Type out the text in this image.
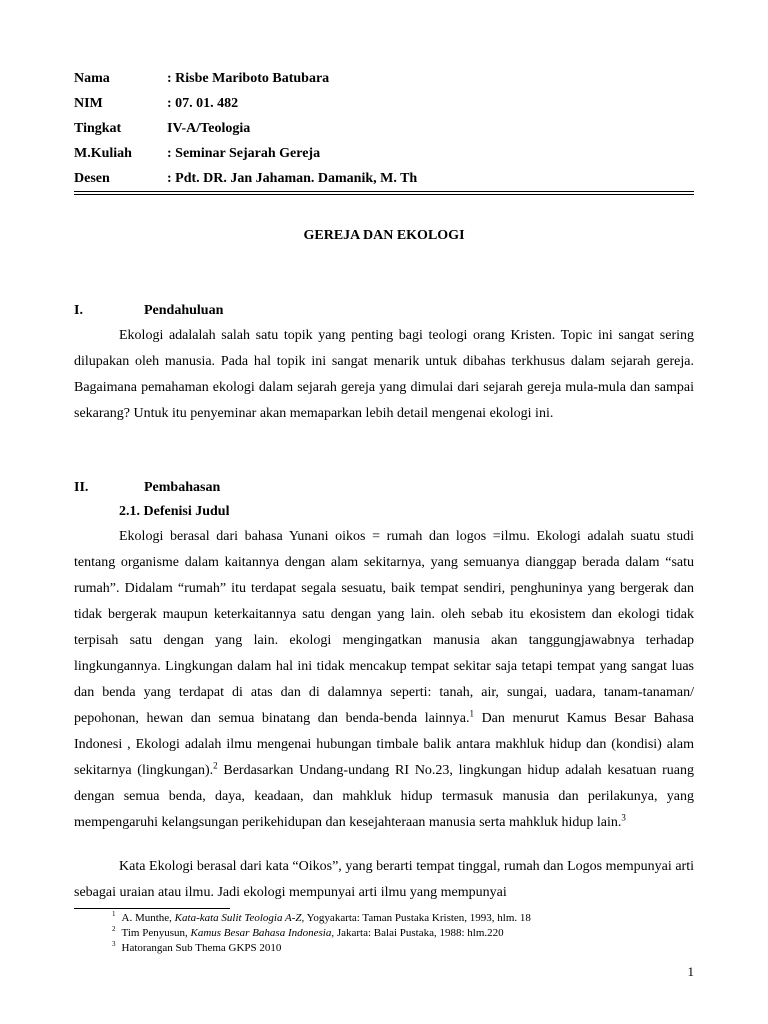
Nama	: Risbe Mariboto Batubara
NIM	: 07. 01. 482
Tingkat	IV-A/Teologia
M.Kuliah	: Seminar Sejarah Gereja
Desen	: Pdt. DR. Jan Jahaman. Damanik, M. Th
GEREJA DAN EKOLOGI
I.	Pendahuluan

Ekologi adalalah salah satu topik yang penting bagi teologi orang Kristen. Topic ini sangat sering dilupakan oleh manusia. Pada hal topik ini sangat menarik untuk dibahas terkhusus dalam sejarah gereja. Bagaimana pemahaman ekologi dalam sejarah gereja yang dimulai dari sejarah gereja mula-mula dan sampai sekarang? Untuk itu penyeminar akan memaparkan lebih detail mengenai ekologi ini.

II.	Pembahasan
2.1. Defenisi Judul

Ekologi berasal dari bahasa Yunani oikos = rumah dan logos =ilmu. Ekologi adalah suatu studi tentang organisme dalam kaitannya dengan alam sekitarnya, yang semuanya dianggap berada dalam “satu rumah”. Didalam “rumah” itu terdapat segala sesuatu, baik tempat sendiri, penghuninya yang bergerak dan tidak bergerak maupun keterkaitannya satu dengan yang lain. oleh sebab itu ekosistem dan ekologi tidak terpisah satu dengan yang lain. ekologi mengingatkan manusia akan tanggungjawabnya terhadap lingkungannya. Lingkungan dalam hal ini tidak mencakup tempat sekitar saja tetapi tempat yang sangat luas dan benda yang terdapat di atas dan di dalamnya seperti: tanah, air, sungai, uadara, tanam-tanaman/ pepohonan, hewan dan semua binatang dan benda-benda lainnya.$^1$ Dan menurut Kamus Besar Bahasa Indonesi , Ekologi adalah ilmu mengenai hubungan timbale balik antara makhluk hidup dan (kondisi) alam sekitarnya (lingkungan).$^2$ Berdasarkan Undang-undang RI No.23, lingkungan hidup adalah kesatuan ruang dengan semua benda, daya, keadaan, dan mahkluk hidup termasuk manusia dan perilakunya, yang mempengaruhi kelangsungan perikehidupan dan kesejahteraan manusia serta mahkluk hidup lain.$^3$

Kata Ekologi berasal dari kata “Oikos”, yang berarti tempat tinggal, rumah dan Logos mempunyai arti sebagai uraian atau ilmu. Jadi ekologi mempunyai arti ilmu yang mempunyai

$^1$ A. Munthe, Kata-kata Sulit Teologia A-Z, Yogyakarta: Taman Pustaka Kristen, 1993, hlm. 18
$^2$ Tim Penyusun, Kamus Besar Bahasa Indonesia, Jakarta: Balai Pustaka, 1988: hlm.220
$^3$ Hatorangan Sub Thema GKPS 2010
1
